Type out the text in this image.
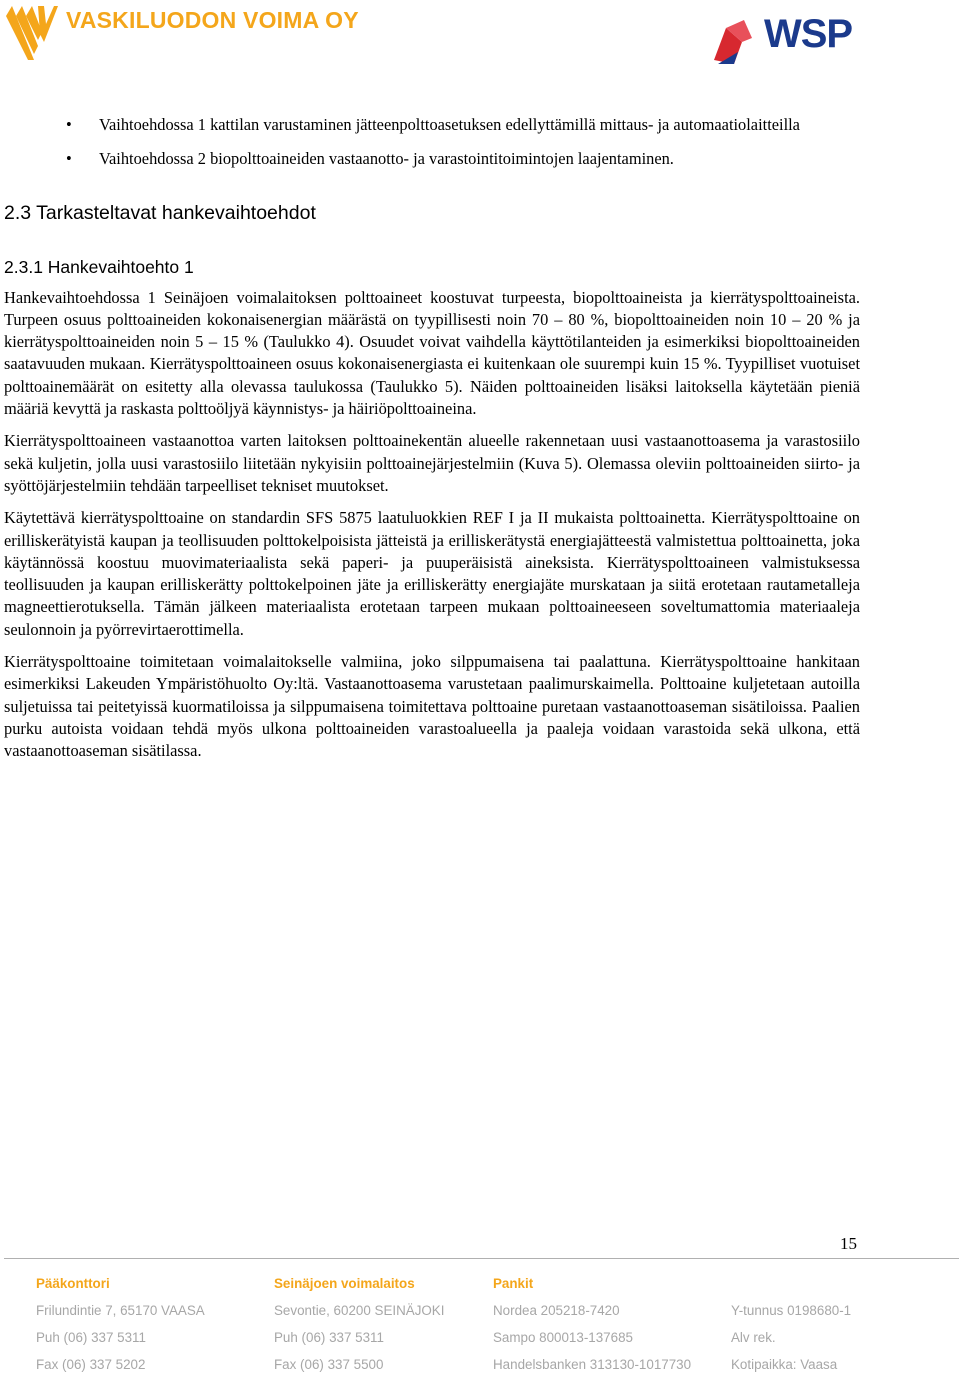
VASKILUODON VOIMA OY	WSP
• Vaihtoehdossa 1 kattilan varustaminen jätteenpolttoasetuksen edellyttämillä mittaus- ja automaatiolaitteilla
• Vaihtoehdossa 2 biopolttoaineiden vastaanotto- ja varastointitoimintojen laajentaminen.
2.3 Tarkasteltavat hankevaihtoehdot
2.3.1 Hankevaihtoehto 1

Hankevaihtoehdossa 1 Seinäjoen voimalaitoksen polttoaineet koostuvat turpeesta, biopolttoaineista ja kierrätyspolttoaineista. Turpeen osuus polttoaineiden kokonaisenergian määrästä on tyypillisesti noin 70 – 80 %, biopolttoaineiden noin 10 – 20 % ja kierrätyspolttoaineiden noin 5 – 15 % (Taulukko 4). Osuudet voivat vaihdella käyttötilanteiden ja esimerkiksi biopolttoaineiden saatavuuden mukaan. Kierrätyspolttoaineen osuus kokonaisenergiasta ei kuitenkaan ole suurempi kuin 15 %. Tyypilliset vuotuiset polttoainemäärät on esitetty alla olevassa taulukossa (Taulukko 5). Näiden polttoaineiden lisäksi laitoksella käytetään pieniä määriä kevyttä ja raskasta polttoöljyä käynnistys- ja häiriöpolttoaineina.

Kierrätyspolttoaineen vastaanottoa varten laitoksen polttoainekentän alueelle rakennetaan uusi vastaanottoasema ja varastosiilo sekä kuljetin, jolla uusi varastosiilo liitetään nykyisiin polttoainejärjestelmiin (Kuva 5). Olemassa oleviin polttoaineiden siirto- ja syöttöjärjestelmiin tehdään tarpeelliset tekniset muutokset.

Käytettävä kierrätyspolttoaine on standardin SFS 5875 laatuluokkien REF I ja II mukaista polttoainetta. Kierrätyspolttoaine on erilliskerätyistä kaupan ja teollisuuden polttokelpoisista jätteistä ja erilliskerätystä energiajätteestä valmistettua polttoainetta, joka käytännössä koostuu muovimateriaalista sekä paperi- ja puuperäisistä aineksista. Kierrätyspolttoaineen valmistuksessa teollisuuden ja kaupan erilliskerätty polttokelpoinen jäte ja erilliskerätty energiajäte murskataan ja siitä erotetaan rautametalleja magneettierotuksella. Tämän jälkeen materiaalista erotetaan tarpeen mukaan polttoaineeseen soveltumattomia materiaaleja seulonnoin ja pyörrevirtaerottimella.

Kierrätyspolttoaine toimitetaan voimalaitokselle valmiina, joko silppumaisena tai paalattuna. Kierrätyspolttoaine hankitaan esimerkiksi Lakeuden Ympäristöhuolto Oy:ltä. Vastaanottoasema varustetaan paalimurskaimella. Polttoaine kuljetetaan autoilla suljetuissa tai peitetyissä kuormatiloissa ja silppumaisena toimitettava polttoaine puretaan vastaanottoaseman sisätiloissa. Paalien purku autoista voidaan tehdä myös ulkona polttoaineiden varastoalueella ja paaleja voidaan varastoida sekä ulkona, että vastaanottoaseman sisätilassa.

15
Pääkonttori
Frilundintie 7, 65170 VAASA
Puh (06) 337 5311
Fax (06) 337 5202
Seinäjoen voimalaitos
Sevontie, 60200 SEINÄJOKI
Puh (06) 337 5311
Fax (06) 337 5500
Pankit
Nordea 205218-7420
Sampo 800013-137685
Handelsbanken 313130-1017730
Y-tunnus 0198680-1
Alv rek.
Kotipaikka: Vaasa
